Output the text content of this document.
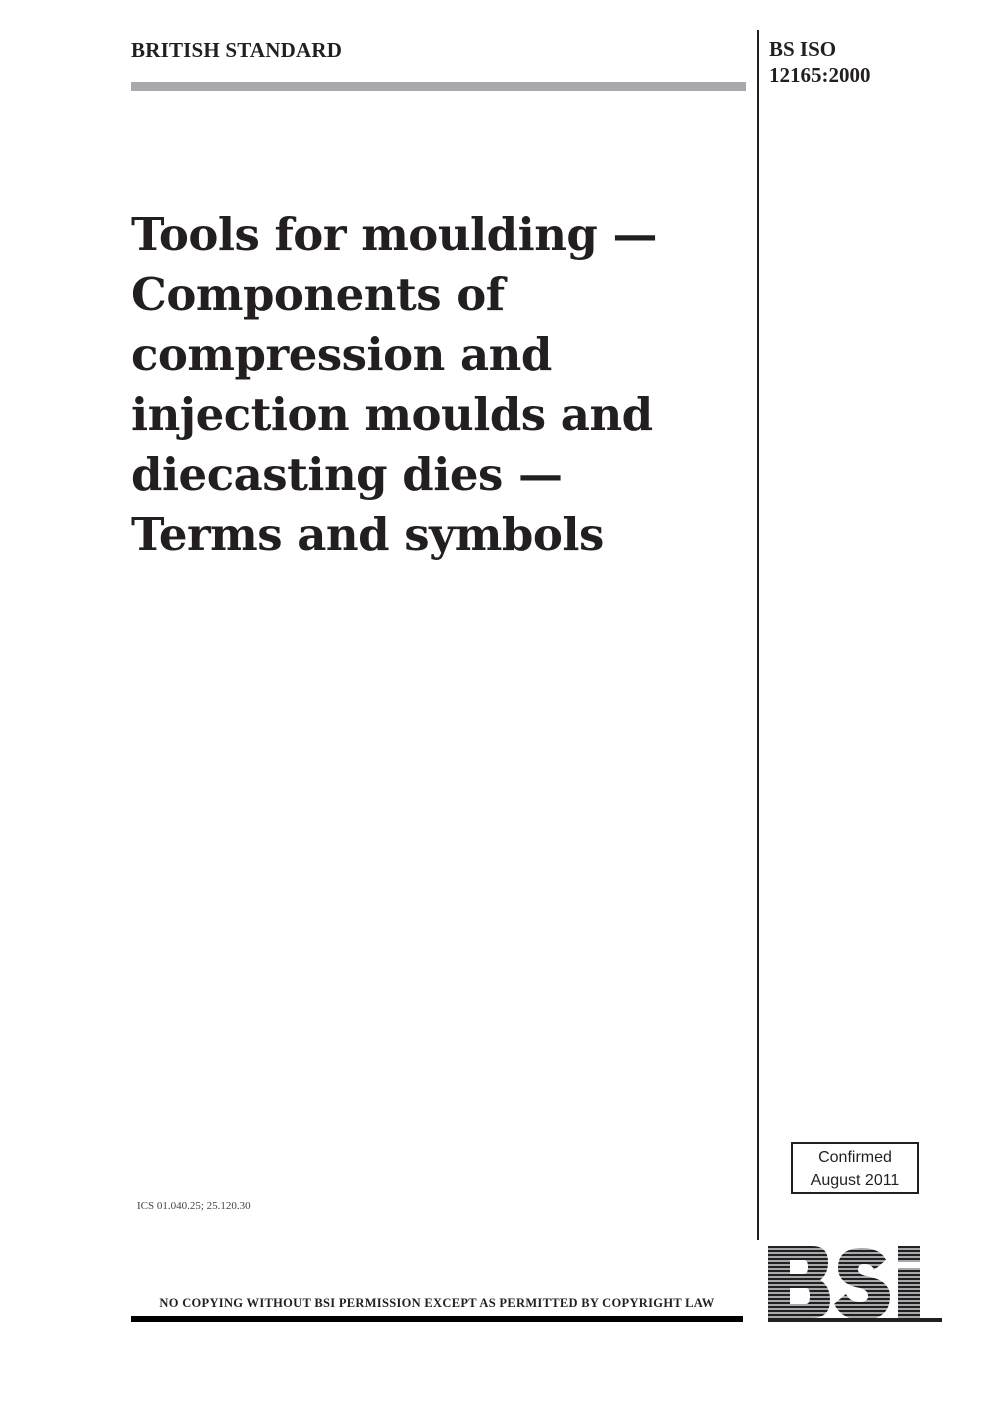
BRITISH STANDARD	BS ISO
12165:2000
Tools for moulding —
Components of
compression and
injection moulds and
diecasting dies —
Terms and symbols
Confirmed
August 2011
ICS 01.040.25; 25.120.30
NO COPYING WITHOUT BSI PERMISSION EXCEPT AS PERMITTED BY COPYRIGHT LAW
